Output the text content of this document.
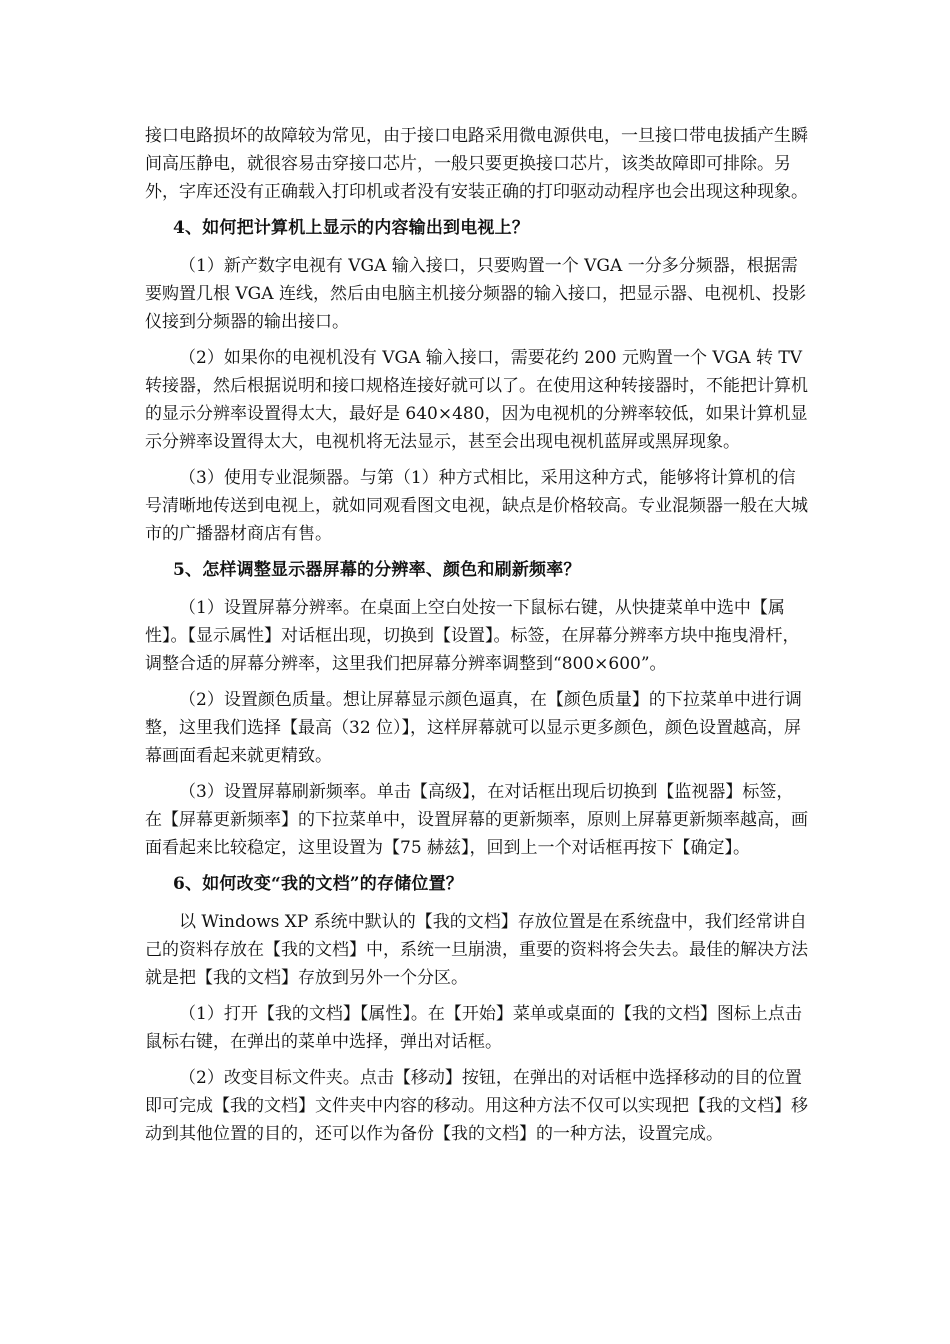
接口电路损坏的故障较为常见，由于接口电路采用微电源供电，一旦接口带电拔插产生瞬间高压静电，就很容易击穿接口芯片，一般只要更换接口芯片，该类故障即可排除。另外，字库还没有正确载入打印机或者没有安装正确的打印驱动动程序也会出现这种现象。

4、如何把计算机上显示的内容输出到电视上？

（1）新产数字电视有 VGA 输入接口，只要购置一个 VGA 一分多分频器，根据需要购置几根 VGA 连线，然后由电脑主机接分频器的输入接口，把显示器、电视机、投影仪接到分频器的输出接口。

（2）如果你的电视机没有 VGA 输入接口，需要花约 200 元购置一个 VGA 转 TV 转接器，然后根据说明和接口规格连接好就可以了。在使用这种转接器时，不能把计算机的显示分辨率设置得太大，最好是 640×480，因为电视机的分辨率较低，如果计算机显示分辨率设置得太大，电视机将无法显示，甚至会出现电视机蓝屏或黑屏现象。

（3）使用专业混频器。与第（1）种方式相比，采用这种方式，能够将计算机的信号清晰地传送到电视上，就如同观看图文电视，缺点是价格较高。专业混频器一般在大城市的广播器材商店有售。

5、怎样调整显示器屏幕的分辨率、颜色和刷新频率？

（1）设置屏幕分辨率。在桌面上空白处按一下鼠标右键，从快捷菜单中选中【属性】。【显示属性】对话框出现，切换到【设置】。标签，在屏幕分辨率方块中拖曳滑杆，调整合适的屏幕分辨率，这里我们把屏幕分辨率调整到“800×600”。

（2）设置颜色质量。想让屏幕显示颜色逼真，在【颜色质量】的下拉菜单中进行调整，这里我们选择【最高（32 位）】，这样屏幕就可以显示更多颜色，颜色设置越高，屏幕画面看起来就更精致。

（3）设置屏幕刷新频率。单击【高级】，在对话框出现后切换到【监视器】标签，在【屏幕更新频率】的下拉菜单中，设置屏幕的更新频率，原则上屏幕更新频率越高，画面看起来比较稳定，这里设置为【75 赫兹】，回到上一个对话框再按下【确定】。

6、如何改变“我的文档”的存储位置？

以 Windows XP 系统中默认的【我的文档】存放位置是在系统盘中，我们经常讲自己的资料存放在【我的文档】中，系统一旦崩溃，重要的资料将会失去。最佳的解决方法就是把【我的文档】存放到另外一个分区。

（1）打开【我的文档】【属性】。在【开始】菜单或桌面的【我的文档】图标上点击鼠标右键，在弹出的菜单中选择，弹出对话框。

（2）改变目标文件夹。点击【移动】按钮，在弹出的对话框中选择移动的目的位置即可完成【我的文档】文件夹中内容的移动。用这种方法不仅可以实现把【我的文档】移动到其他位置的目的，还可以作为备份【我的文档】的一种方法，设置完成。
